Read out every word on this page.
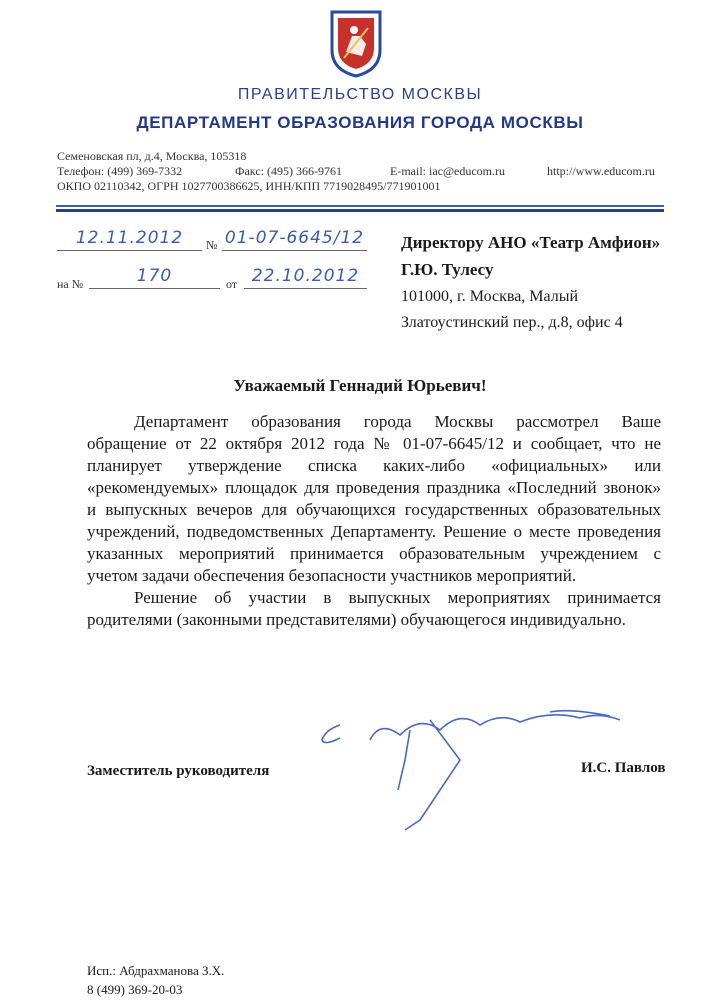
ПРАВИТЕЛЬСТВО МОСКВЫ
ДЕПАРТАМЕНТ ОБРАЗОВАНИЯ ГОРОДА МОСКВЫ
Семеновская пл, д.4, Москва, 105318
Телефон: (499) 369-7332	Факс: (495) 366-9761	E-mail: iac@educom.ru	http://www.educom.ru
ОКПО 02110342, ОГРН 1027700386625, ИНН/КПП 7719028495/771901001
12.11.2012	№ 01-07-6645/12
на №	170	от 22.10.2012
Директору АНО «Театр Амфион»
Г.Ю. Тулесу
101000, г. Москва, Малый
Златоустинский пер., д.8, офис 4
Уважаемый Геннадий Юрьевич!
Департамент образования города Москвы рассмотрел Ваше
обращение от 22 октября 2012 года № 01-07-6645/12 и сообщает, что не
планирует утверждение списка каких-либо «официальных» или
«рекомендуемых» площадок для проведения праздника «Последний звонок»
и выпускных вечеров для обучающихся государственных образовательных
учреждений, подведомственных Департаменту. Решение о месте проведения
указанных мероприятий принимается образовательным учреждением с
учетом задачи обеспечения безопасности участников мероприятий.
Решение об участии в выпускных мероприятиях принимается
родителями (законными представителями) обучающегося индивидуально.
Заместитель руководителя	И.С. Павлов
Исп.: Абдрахманова З.Х.
8 (499) 369-20-03
